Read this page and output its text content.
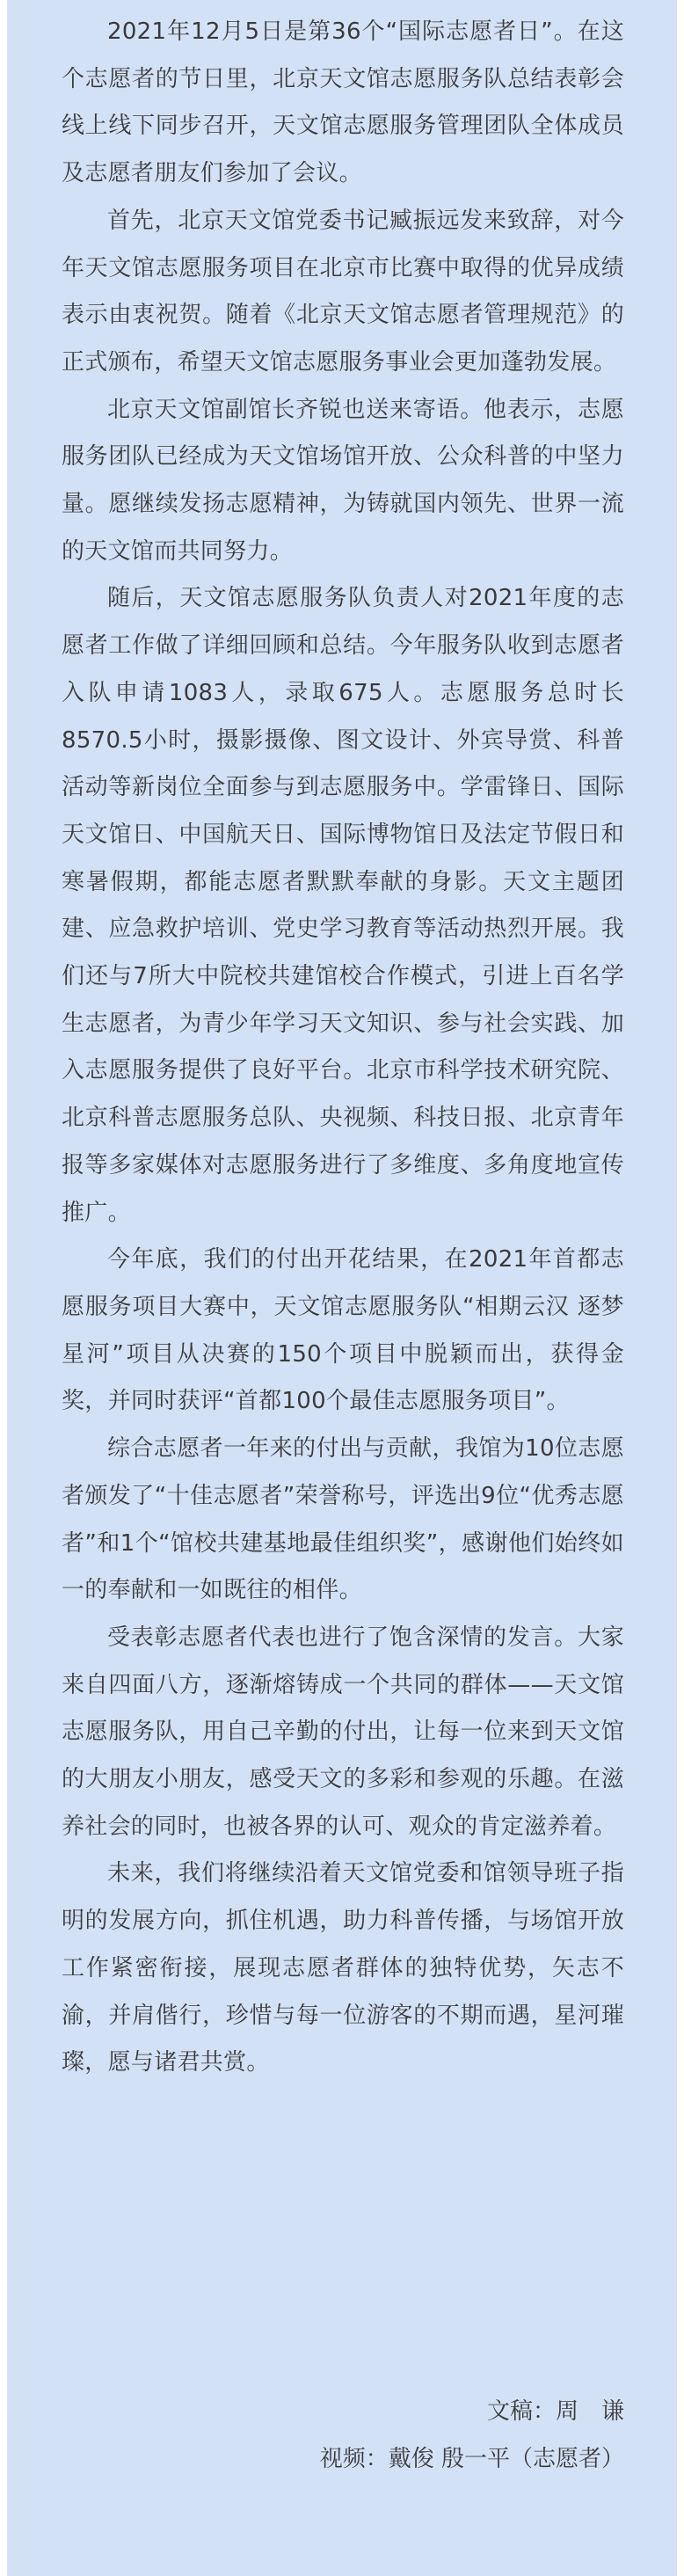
2021年12月5日是第36个“国际志愿者日”。在这个志愿者的节日里，北京天文馆志愿服务队总结表彰会线上线下同步召开，天文馆志愿服务管理团队全体成员及志愿者朋友们参加了会议。

首先，北京天文馆党委书记臧振远发来致辞，对今年天文馆志愿服务项目在北京市比赛中取得的优异成绩表示由衷祝贺。随着《北京天文馆志愿者管理规范》的正式颁布，希望天文馆志愿服务事业会更加蓬勃发展。

北京天文馆副馆长齐锐也送来寄语。他表示，志愿服务团队已经成为天文馆场馆开放、公众科普的中坚力量。愿继续发扬志愿精神，为铸就国内领先、世界一流的天文馆而共同努力。

随后，天文馆志愿服务队负责人对2021年度的志愿者工作做了详细回顾和总结。今年服务队收到志愿者入队申请1083人，录取675人。志愿服务总时长8570.5小时，摄影摄像、图文设计、外宾导赏、科普活动等新岗位全面参与到志愿服务中。学雷锋日、国际天文馆日、中国航天日、国际博物馆日及法定节假日和寒暑假期，都能志愿者默默奉献的身影。天文主题团建、应急救护培训、党史学习教育等活动热烈开展。我们还与7所大中院校共建馆校合作模式，引进上百名学生志愿者，为青少年学习天文知识、参与社会实践、加入志愿服务提供了良好平台。北京市科学技术研究院、北京科普志愿服务总队、央视频、科技日报、北京青年报等多家媒体对志愿服务进行了多维度、多角度地宣传推广。

今年底，我们的付出开花结果，在2021年首都志愿服务项目大赛中，天文馆志愿服务队“相期云汉 逐梦星河”项目从决赛的150个项目中脱颖而出，获得金奖，并同时获评“首都100个最佳志愿服务项目”。

综合志愿者一年来的付出与贡献，我馆为10位志愿者颁发了“十佳志愿者”荣誉称号，评选出9位“优秀志愿者”和1个“馆校共建基地最佳组织奖”，感谢他们始终如一的奉献和一如既往的相伴。

受表彰志愿者代表也进行了饱含深情的发言。大家来自四面八方，逐渐熔铸成一个共同的群体——天文馆志愿服务队，用自己辛勤的付出，让每一位来到天文馆的大朋友小朋友，感受天文的多彩和参观的乐趣。在滋养社会的同时，也被各界的认可、观众的肯定滋养着。

未来，我们将继续沿着天文馆党委和馆领导班子指明的发展方向，抓住机遇，助力科普传播，与场馆开放工作紧密衔接，展现志愿者群体的独特优势，矢志不渝，并肩偕行，珍惜与每一位游客的不期而遇，星河璀璨，愿与诸君共赏。

文稿：周　谦
视频：戴俊 殷一平（志愿者）
